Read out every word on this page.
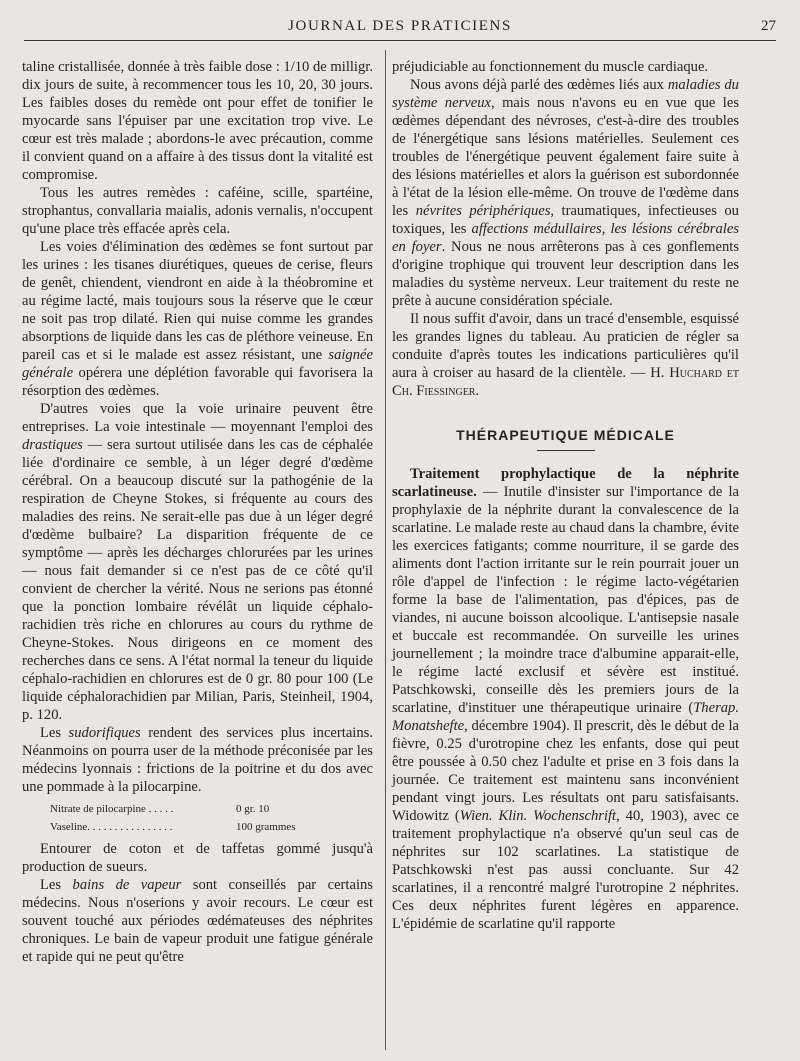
JOURNAL DES PRATICIENS	27

taline cristallisée, donnée à très faible dose : 1/10 de milligr. dix jours de suite, à recommencer tous les 10, 20, 30 jours. Les faibles doses du remède ont pour effet de tonifier le myocarde sans l'épuiser par une excitation trop vive. Le cœur est très malade ; abordons-le avec précaution, comme il convient quand on a affaire à des tissus dont la vitalité est compromise.

Tous les autres remèdes : caféine, scille, spartéine, strophantus, convallaria maialis, adonis vernalis, n'occupent qu'une place très effacée après cela.

Les voies d'élimination des œdèmes se font surtout par les urines : les tisanes diurétiques, queues de cerise, fleurs de genêt, chiendent, viendront en aide à la théobromine et au régime lacté, mais toujours sous la réserve que le cœur ne soit pas trop dilaté. Rien qui nuise comme les grandes absorptions de liquide dans les cas de pléthore veineuse. En pareil cas et si le malade est assez résistant, une saignée générale opérera une déplétion favorable qui favorisera la résorption des œdèmes.

D'autres voies que la voie urinaire peuvent être entreprises. La voie intestinale — moyennant l'emploi des drastiques — sera surtout utilisée dans les cas de céphalée liée d'ordinaire ce semble, à un léger degré d'œdème cérébral. On a beaucoup discuté sur la pathogénie de la respiration de Cheyne Stokes, si fréquente au cours des maladies des reins. Ne serait-elle pas due à un léger degré d'œdème bulbaire? La disparition fréquente de ce symptôme — après les décharges chlorurées par les urines — nous fait demander si ce n'est pas de ce côté qu'il convient de chercher la vérité. Nous ne serions pas étonné que la ponction lombaire révélât un liquide céphalo-rachidien très riche en chlorures au cours du rythme de Cheyne-Stokes. Nous dirigeons en ce moment des recherches dans ce sens. A l'état normal la teneur du liquide céphalo-rachidien en chlorures est de 0 gr. 80 pour 100 (Le liquide céphalorachidien par Milian, Paris, Steinheil, 1904, p. 120.

Les sudorifiques rendent des services plus incertains. Néanmoins on pourra user de la méthode préconisée par les médecins lyonnais : frictions de la poitrine et du dos avec une pommade à la pilocarpine.

Nitrate de pilocarpine . . . . .	0 gr. 10
Vaseline. . . . . . . . . . . . . . . .	100 grammes

Entourer de coton et de taffetas gommé jusqu'à production de sueurs.

Les bains de vapeur sont conseillés par certains médecins. Nous n'oserions y avoir recours. Le cœur est souvent touché aux périodes œdémateuses des néphrites chroniques. Le bain de vapeur produit une fatigue générale et rapide qui ne peut qu'être

préjudiciable au fonctionnement du muscle cardiaque.

Nous avons déjà parlé des œdèmes liés aux maladies du système nerveux, mais nous n'avons eu en vue que les œdèmes dépendant des névroses, c'est-à-dire des troubles de l'énergétique sans lésions matérielles. Seulement ces troubles de l'énergétique peuvent également faire suite à des lésions matérielles et alors la guérison est subordonnée à l'état de la lésion elle-même. On trouve de l'œdème dans les névrites périphériques, traumatiques, infectieuses ou toxiques, les affections médullaires, les lésions cérébrales en foyer. Nous ne nous arrêterons pas à ces gonflements d'origine trophique qui trouvent leur description dans les maladies du système nerveux. Leur traitement du reste ne prête à aucune considération spéciale.

Il nous suffit d'avoir, dans un tracé d'ensemble, esquissé les grandes lignes du tableau. Au praticien de régler sa conduite d'après toutes les indications particulières qu'il aura à croiser au hasard de la clientèle. — H. Huchard et Ch. Fiessinger.

THÉRAPEUTIQUE MÉDICALE

Traitement prophylactique de la néphrite scarlatineuse. — Inutile d'insister sur l'importance de la prophylaxie de la néphrite durant la convalescence de la scarlatine. Le malade reste au chaud dans la chambre, évite les exercices fatigants; comme nourriture, il se garde des aliments dont l'action irritante sur le rein pourrait jouer un rôle d'appel de l'infection : le régime lacto-végétarien forme la base de l'alimentation, pas d'épices, pas de viandes, ni aucune boisson alcoolique. L'antisepsie nasale et buccale est recommandée. On surveille les urines journellement ; la moindre trace d'albumine apparait-elle, le régime lacté exclusif et sévère est institué. Patschkowski, conseille dès les premiers jours de la scarlatine, d'instituer une thérapeutique urinaire (Therap. Monatshefte, décembre 1904). Il prescrit, dès le début de la fièvre, 0.25 d'urotropine chez les enfants, dose qui peut être poussée à 0.50 chez l'adulte et prise en 3 fois dans la journée. Ce traitement est maintenu sans inconvénient pendant vingt jours. Les résultats ont paru satisfaisants. Widowitz (Wien. Klin. Wochenschrift, 40, 1903), avec ce traitement prophylactique n'a observé qu'un seul cas de néphrites sur 102 scarlatines. La statistique de Patschkowski n'est pas aussi concluante. Sur 42 scarlatines, il a rencontré malgré l'urotropine 2 néphrites. Ces deux néphrites furent légères en apparence. L'épidémie de scarlatine qu'il rapporte
